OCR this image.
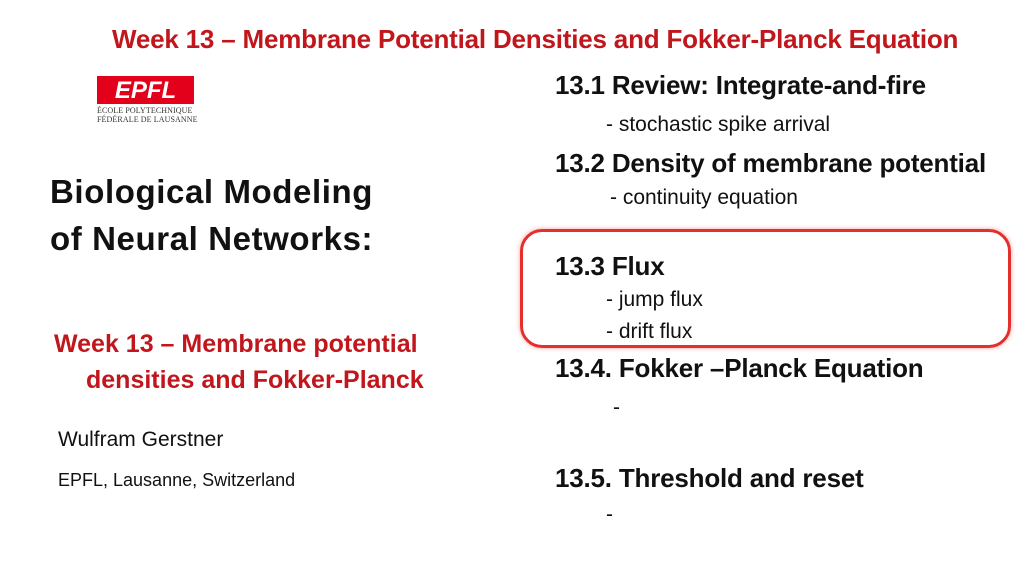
Week 13 – Membrane Potential Densities and Fokker-Planck Equation
EPFL
ÉCOLE POLYTECHNIQUE
FÉDÉRALE DE LAUSANNE
Biological Modeling
of Neural Networks:
Week 13 – Membrane potential
densities and Fokker-Planck
Wulfram Gerstner
EPFL, Lausanne, Switzerland
13.1 Review: Integrate-and-fire
- stochastic spike arrival
13.2 Density of membrane potential
- continuity equation
13.3 Flux
- jump flux
- drift flux
13.4. Fokker –Planck Equation
-
13.5. Threshold and reset
-
